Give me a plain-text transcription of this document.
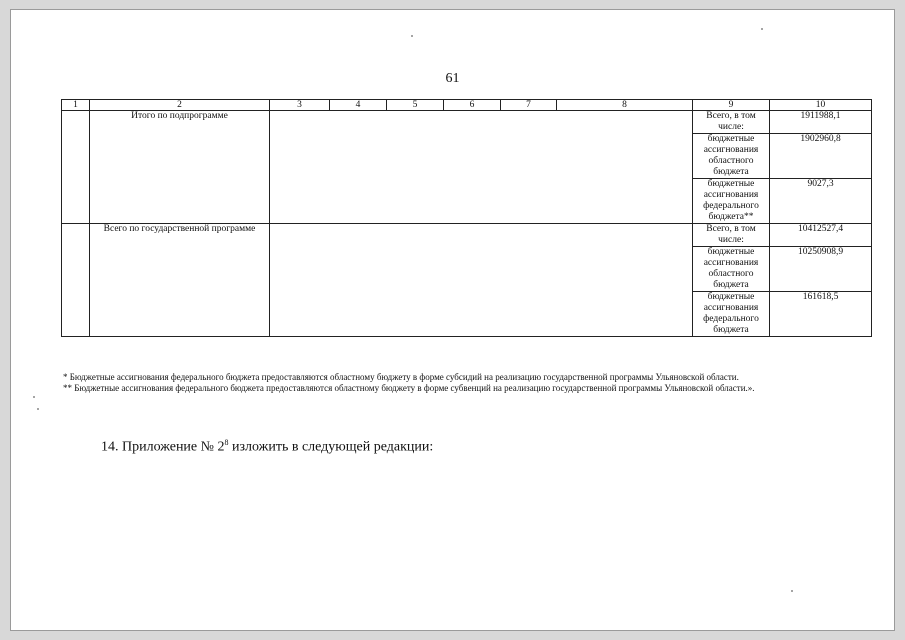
61
1	2	3	4	5	6	7	8	9	10
	Итого по подпрограмме							Всего, в том числе:	1911988,1
								бюджетные ассигнования областного бюджета	1902960,8
								бюджетные ассигнования федерального бюджета**	9027,3
	Всего по государственной программе							Всего, в том числе:	10412527,4
								бюджетные ассигнования областного бюджета	10250908,9
								бюджетные ассигнования федерального бюджета	161618,5

* Бюджетные ассигнования федерального бюджета предоставляются областному бюджету в форме субсидий на реализацию государственной программы Ульяновской области.

** Бюджетные ассигнования федерального бюджета предоставляются областному бюджету в форме субвенций на реализацию государственной программы Ульяновской области.».

14. Приложение № $2^8$ изложить в следующей редакции:
